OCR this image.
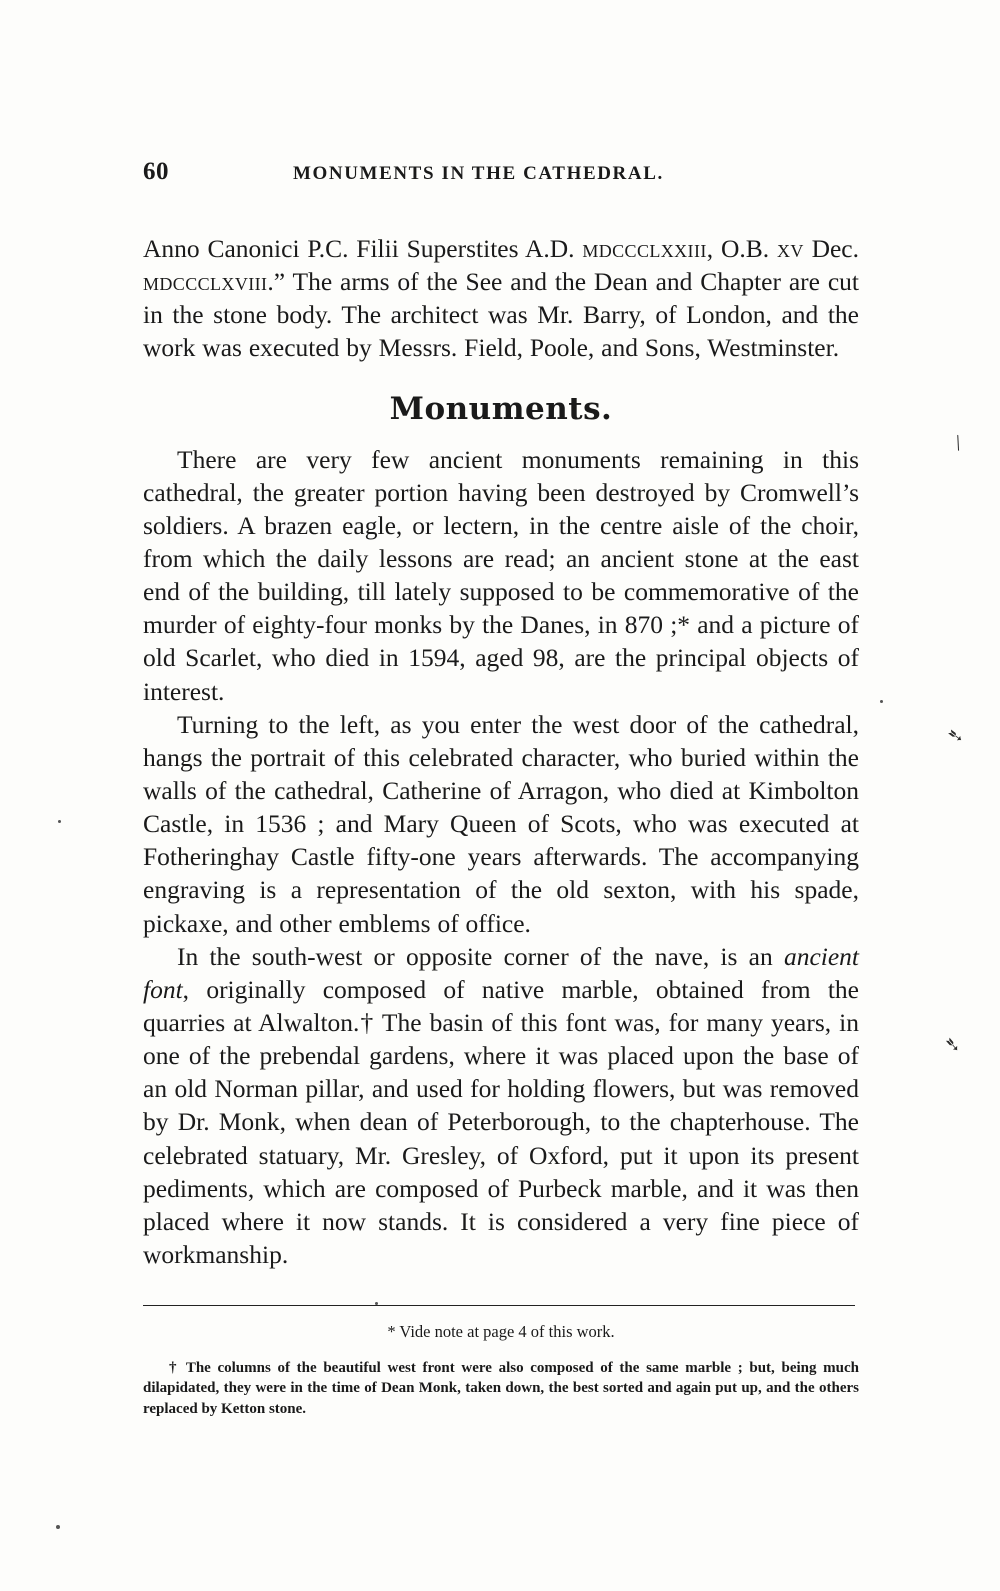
60	MONUMENTS IN THE CATHEDRAL.

Anno Canonici P.C. Filii Superstites A.D. mdccclxxiii, O.B. xv Dec. mdccclxviii.” The arms of the See and the Dean and Chapter are cut in the stone body. The architect was Mr. Barry, of London, and the work was executed by Messrs. Field, Poole, and Sons, Westminster.

Monuments.

There are very few ancient monuments remaining in this cathedral, the greater portion having been destroyed by Cromwell’s soldiers. A brazen eagle, or lectern, in the centre aisle of the choir, from which the daily lessons are read; an ancient stone at the east end of the building, till lately supposed to be commemorative of the murder of eighty-four monks by the Danes, in 870 ;* and a picture of old Scarlet, who died in 1594, aged 98, are the principal objects of interest.

Turning to the left, as you enter the west door of the cathedral, hangs the portrait of this celebrated character, who buried within the walls of the cathedral, Catherine of Arragon, who died at Kimbolton Castle, in 1536 ; and Mary Queen of Scots, who was executed at Fotheringhay Castle fifty-one years afterwards. The accompanying engraving is a representation of the old sexton, with his spade, pickaxe, and other emblems of office.

In the south-west or opposite corner of the nave, is an ancient font, originally composed of native marble, obtained from the quarries at Alwalton.† The basin of this font was, for many years, in one of the prebendal gardens, where it was placed upon the base of an old Norman pillar, and used for holding flowers, but was removed by Dr. Monk, when dean of Peterborough, to the chapterhouse. The celebrated statuary, Mr. Gresley, of Oxford, put it upon its present pediments, which are composed of Purbeck marble, and it was then placed where it now stands. It is considered a very fine piece of workmanship.

* Vide note at page 4 of this work.
† The columns of the beautiful west front were also composed of the same marble ; but, being much dilapidated, they were in the time of Dean Monk, taken down, the best sorted and again put up, and the others replaced by Ketton stone.
\
➴
➴
